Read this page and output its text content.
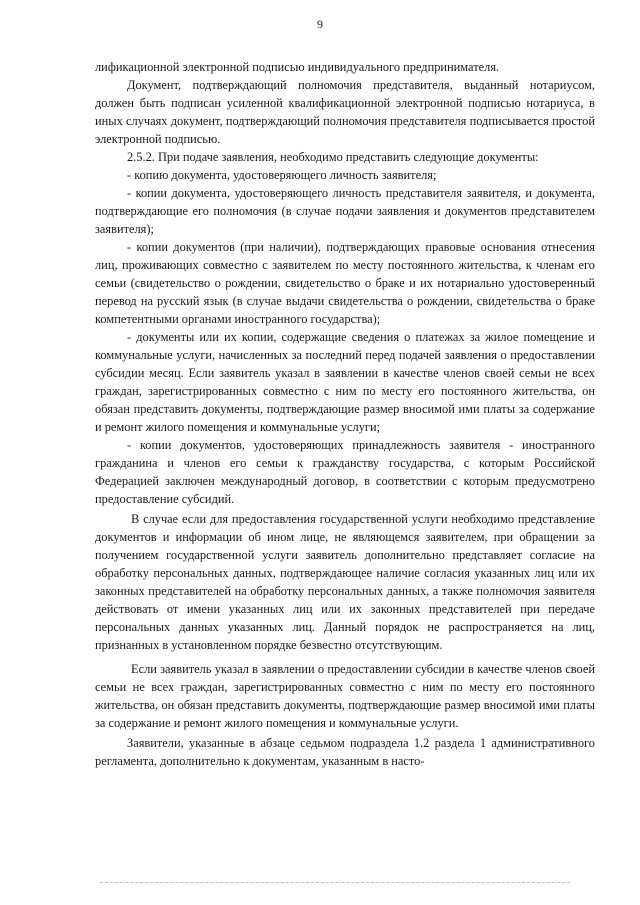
9

лификационной электронной подписью индивидуального предпринимателя.

Документ, подтверждающий полномочия представителя, выданный нотариусом, должен быть подписан усиленной квалификационной электронной подписью нотариуса, в иных случаях документ, подтверждающий полномочия представителя подписывается простой электронной подписью.

2.5.2. При подаче заявления, необходимо представить следующие документы:

- копию документа, удостоверяющего личность заявителя;

- копии документа, удостоверяющего личность представителя заявителя, и документа, подтверждающие его полномочия (в случае подачи заявления и документов представителем заявителя);

- копии документов (при наличии), подтверждающих правовые основания отнесения лиц, проживающих совместно с заявителем по месту постоянного жительства, к членам его семьи (свидетельство о рождении, свидетельство о браке и их нотариально удостоверенный перевод на русский язык (в случае выдачи свидетельства о рождении, свидетельства о браке компетентными органами иностранного государства);

- документы или их копии, содержащие сведения о платежах за жилое помещение и коммунальные услуги, начисленных за последний перед подачей заявления о предоставлении субсидии месяц. Если заявитель указал в заявлении в качестве членов своей семьи не всех граждан, зарегистрированных совместно с ним по месту его постоянного жительства, он обязан представить документы, подтверждающие размер вносимой ими платы за содержание и ремонт жилого помещения и коммунальные услуги;

- копии документов, удостоверяющих принадлежность заявителя - иностранного гражданина и членов его семьи к гражданству государства, с которым Российской Федерацией заключен международный договор, в соответствии с которым предусмотрено предоставление субсидий.

В случае если для предоставления государственной услуги необходимо представление документов и информации об ином лице, не являющемся заявителем, при обращении за получением государственной услуги заявитель дополнительно представляет согласие на обработку персональных данных, подтверждающее наличие согласия указанных лиц или их законных представителей на обработку персональных данных, а также полномочия заявителя действовать от имени указанных лиц или их законных представителей при передаче персональных данных указанных лиц. Данный порядок не распространяется на лиц, признанных в установленном порядке безвестно отсутствующим.

Если заявитель указал в заявлении о предоставлении субсидии в качестве членов своей семьи не всех граждан, зарегистрированных совместно с ним по месту его постоянного жительства, он обязан представить документы, подтверждающие размер вносимой ими платы за содержание и ремонт жилого помещения и коммунальные услуги.

Заявители, указанные в абзаце седьмом подраздела 1.2 раздела 1 административного регламента, дополнительно к документам, указанным в насто-
